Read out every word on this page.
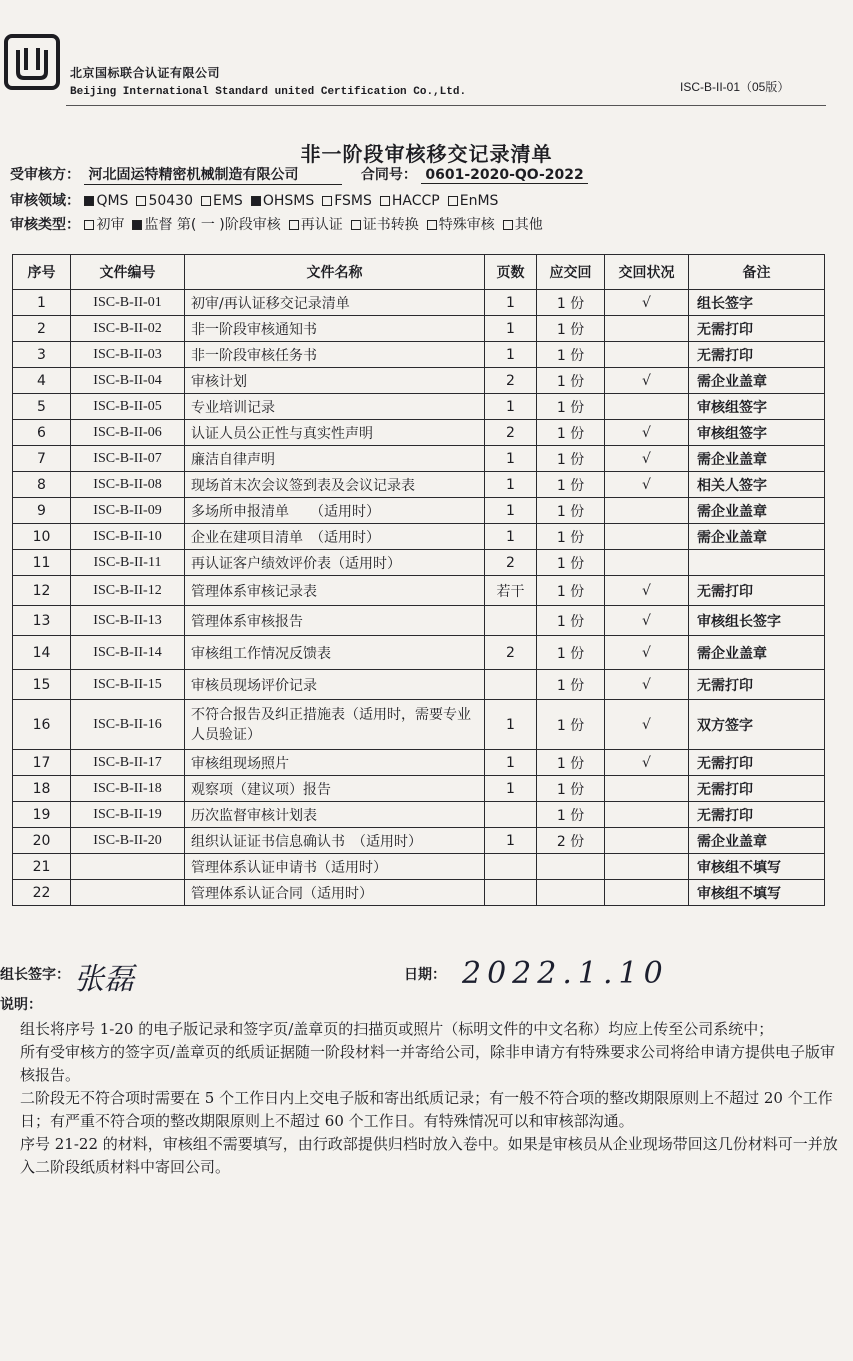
北京国标联合认证有限公司
Beijing International Standard united Certification Co.,Ltd.	ISC-B-II-01（05版）
非一阶段审核移交记录清单
受审核方： 河北固运特精密机械制造有限公司	合同号： 0601-2020-QO-2022
审核领域： QMS 50430 EMS OHSMS FSMS HACCP EnMS
审核类型： 初审 监督 第( 一 )阶段审核 再认证 证书转换 特殊审核 其他
序号	文件编号	文件名称	页数	应交回	交回状况	备注
1	ISC-B-II-01	初审/再认证移交记录清单	1	1 份	√	组长签字
2	ISC-B-II-02	非一阶段审核通知书	1	1 份		无需打印
3	ISC-B-II-03	非一阶段审核任务书	1	1 份		无需打印
4	ISC-B-II-04	审核计划	2	1 份	√	需企业盖章
5	ISC-B-II-05	专业培训记录	1	1 份		审核组签字
6	ISC-B-II-06	认证人员公正性与真实性声明	2	1 份	√	审核组签字
7	ISC-B-II-07	廉洁自律声明	1	1 份	√	需企业盖章
8	ISC-B-II-08	现场首末次会议签到表及会议记录表	1	1 份	√	相关人签字
9	ISC-B-II-09	多场所申报清单　　（适用时）	1	1 份		需企业盖章
10	ISC-B-II-10	企业在建项目清单　（适用时）	1	1 份		需企业盖章
11	ISC-B-II-11	再认证客户绩效评价表（适用时）	2	1 份		
12	ISC-B-II-12	管理体系审核记录表	若干	1 份	√	无需打印
13	ISC-B-II-13	管理体系审核报告		1 份	√	审核组长签字
14	ISC-B-II-14	审核组工作情况反馈表	2	1 份	√	需企业盖章
15	ISC-B-II-15	审核员现场评价记录		1 份	√	无需打印
16	ISC-B-II-16	不符合报告及纠正措施表（适用时，需要专业人员验证）	1	1 份	√	双方签字
17	ISC-B-II-17	审核组现场照片	1	1 份	√	无需打印
18	ISC-B-II-18	观察项（建议项）报告	1	1 份		无需打印
19	ISC-B-II-19	历次监督审核计划表		1 份		无需打印
20	ISC-B-II-20	组织认证证书信息确认书　（适用时）	1	2 份		需企业盖章
21		管理体系认证申请书（适用时）				审核组不填写
22		管理体系认证合同（适用时）				审核组不填写
组长签字： 张磊	日期： 2022.1.10
说明：
组长将序号 1-20 的电子版记录和签字页/盖章页的扫描页或照片（标明文件的中文名称）均应上传至公司系统中；
所有受审核方的签字页/盖章页的纸质证据随一阶段材料一并寄给公司，除非申请方有特殊要求公司将给申请方提供电子版审核报告。
二阶段无不符合项时需要在 5 个工作日内上交电子版和寄出纸质记录；有一般不符合项的整改期限原则上不超过 20 个工作日；有严重不符合项的整改期限原则上不超过 60 个工作日。有特殊情况可以和审核部沟通。
序号 21-22 的材料，审核组不需要填写，由行政部提供归档时放入卷中。如果是审核员从企业现场带回这几份材料可一并放入二阶段纸质材料中寄回公司。
